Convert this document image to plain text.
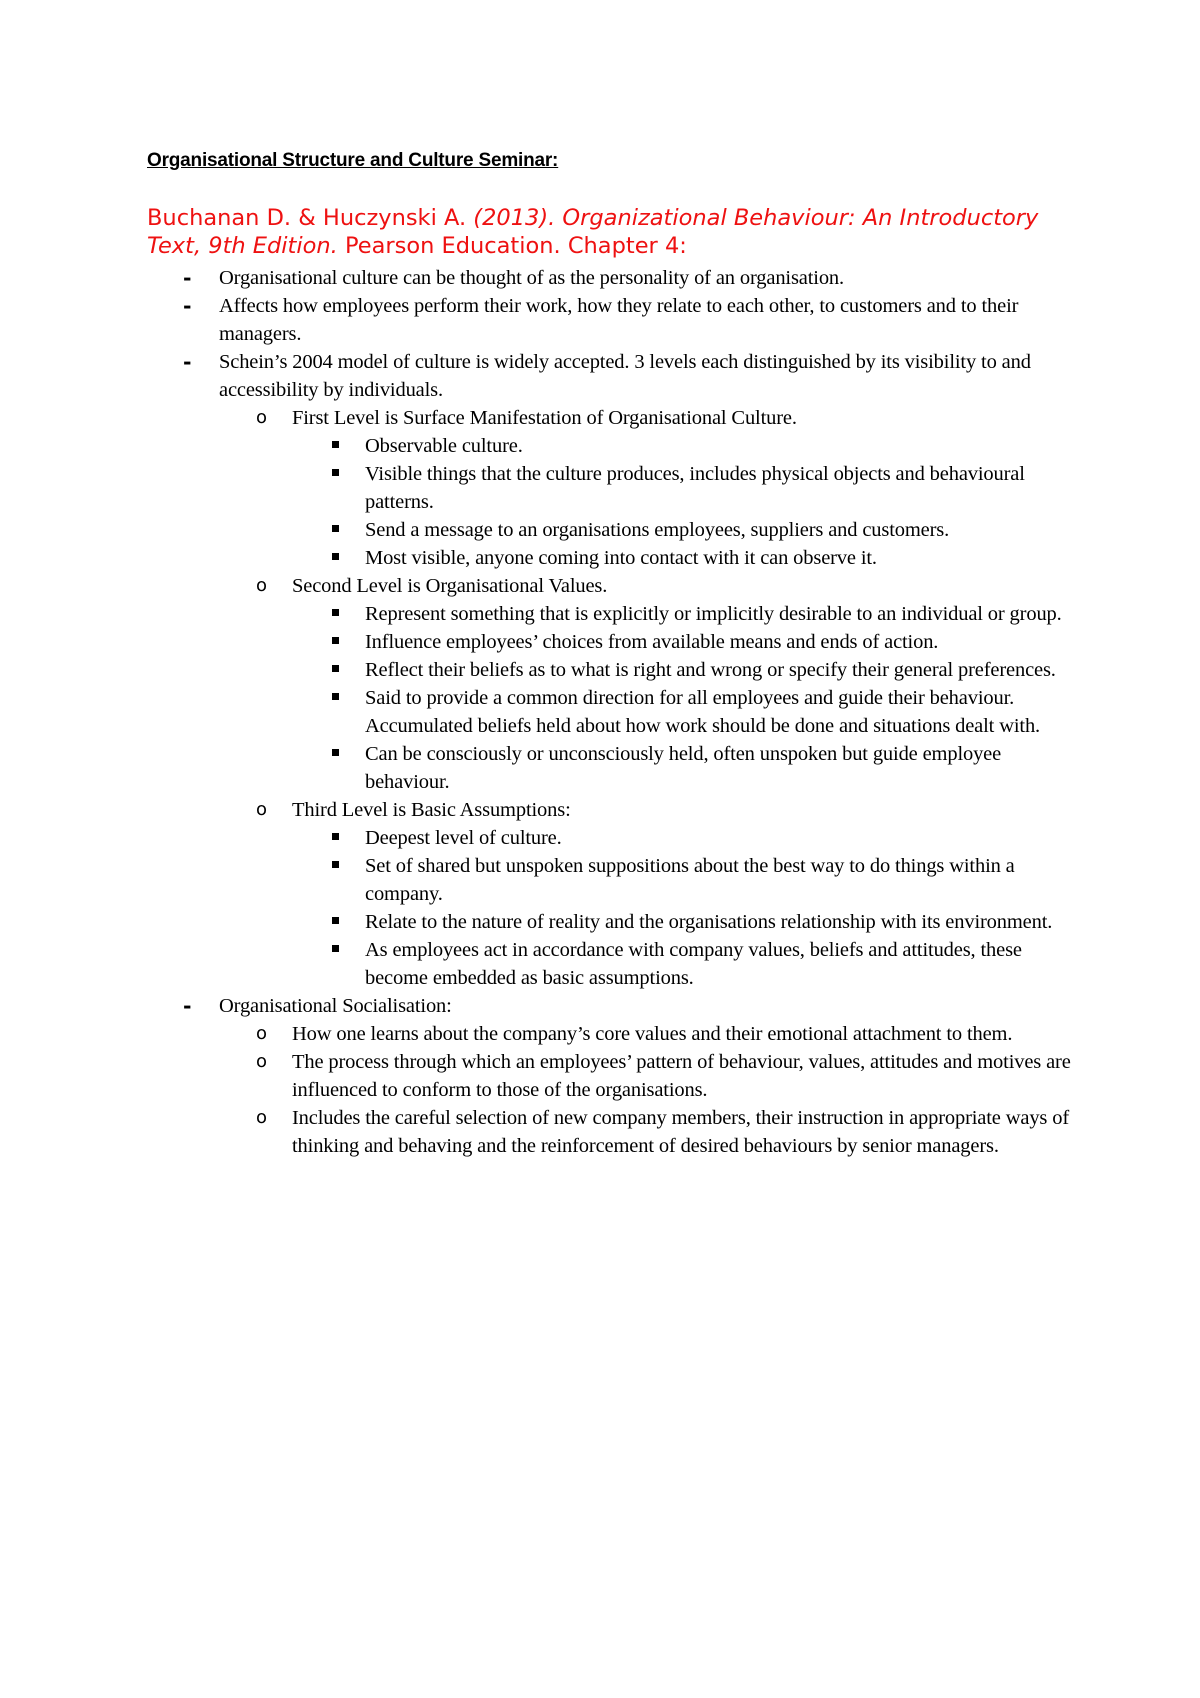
Organisational Structure and Culture Seminar:

Buchanan D. & Huczynski A. (2013). Organizational Behaviour: An Introductory Text, 9th Edition. Pearson Education. Chapter 4:

- Organisational culture can be thought of as the personality of an organisation.
- Affects how employees perform their work, how they relate to each other, to customers and to their managers.
- Schein’s 2004 model of culture is widely accepted. 3 levels each distinguished by its visibility to and accessibility by individuals.
o First Level is Surface Manifestation of Organisational Culture.
Observable culture.
Visible things that the culture produces, includes physical objects and behavioural patterns.
Send a message to an organisations employees, suppliers and customers.
Most visible, anyone coming into contact with it can observe it.
o Second Level is Organisational Values.
Represent something that is explicitly or implicitly desirable to an individual or group.
Influence employees’ choices from available means and ends of action.
Reflect their beliefs as to what is right and wrong or specify their general preferences.
Said to provide a common direction for all employees and guide their behaviour. Accumulated beliefs held about how work should be done and situations dealt with.
Can be consciously or unconsciously held, often unspoken but guide employee behaviour.
o Third Level is Basic Assumptions:
Deepest level of culture.
Set of shared but unspoken suppositions about the best way to do things within a company.
Relate to the nature of reality and the organisations relationship with its environment.
As employees act in accordance with company values, beliefs and attitudes, these become embedded as basic assumptions.
- Organisational Socialisation:
o How one learns about the company’s core values and their emotional attachment to them.
o The process through which an employees’ pattern of behaviour, values, attitudes and motives are influenced to conform to those of the organisations.
o Includes the careful selection of new company members, their instruction in appropriate ways of thinking and behaving and the reinforcement of desired behaviours by senior managers.
